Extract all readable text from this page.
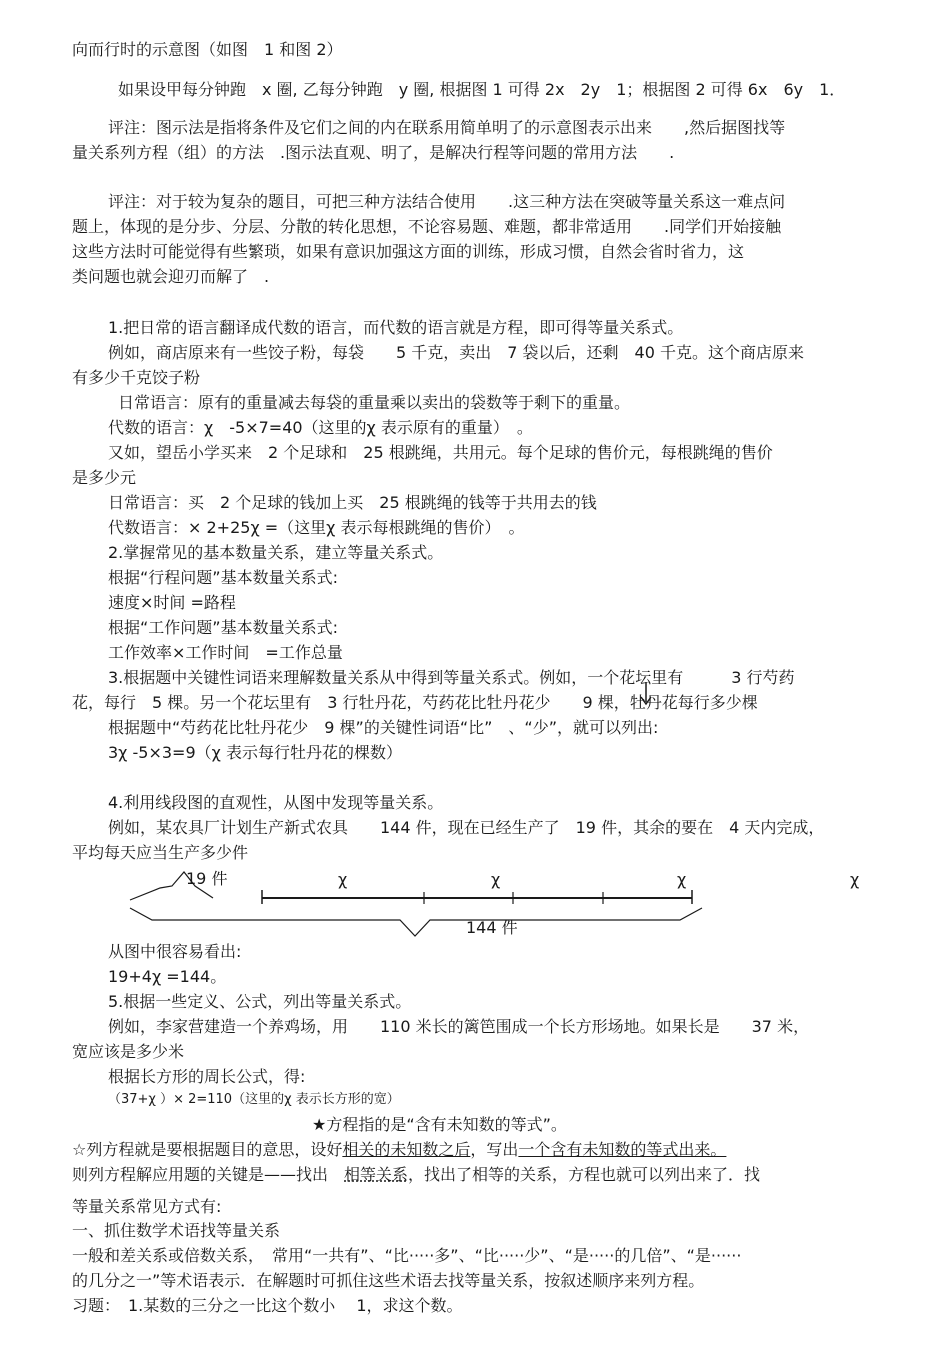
向而行时的示意图（如图　1 和图 2）
如果设甲每分钟跑　x 圈, 乙每分钟跑　y 圈, 根据图 1 可得 2x　2y　1；根据图 2 可得 6x　6y　1．
评注：图示法是指将条件及它们之间的内在联系用简单明了的示意图表示出来　　,然后据图找等
量关系列方程（组）的方法　.图示法直观、明了，是解决行程等问题的常用方法　　.
评注：对于较为复杂的题目，可把三种方法结合使用　　.这三种方法在突破等量关系这一难点问
题上，体现的是分步、分层、分散的转化思想，不论容易题、难题，都非常适用　　.同学们开始接触
这些方法时可能觉得有些繁琐，如果有意识加强这方面的训练，形成习惯，自然会省时省力，这
类问题也就会迎刃而解了　.
1.把日常的语言翻译成代数的语言，而代数的语言就是方程，即可得等量关系式。
例如，商店原来有一些饺子粉，每袋　　5 千克，卖出　7 袋以后，还剩　40 千克。这个商店原来
有多少千克饺子粉
日常语言：原有的重量减去每袋的重量乘以卖出的袋数等于剩下的重量。
代数的语言：χ　-5×7=40（这里的χ 表示原有的重量）　。
又如，望岳小学买来　2 个足球和　25 根跳绳，共用元。每个足球的售价元，每根跳绳的售价
是多少元
日常语言：买　2 个足球的钱加上买　25 根跳绳的钱等于共用去的钱
代数语言：× 2+25χ =（这里χ 表示每根跳绳的售价）　。
2.掌握常见的基本数量关系，建立等量关系式。
根据“行程问题”基本数量关系式:
速度×时间 =路程
根据“工作问题”基本数量关系式:
工作效率×工作时间　=工作总量
3.根据题中关键性词语来理解数量关系从中得到等量关系式。例如，一个花坛里有　　　3 行芍药
花，每行　5 棵。另一个花坛里有　3 行牡丹花，芍药花比牡丹花少　　9 棵，牡丹花每行多少棵
根据题中“芍药花比牡丹花少　9 棵”的关键性词语“比”　、“少”，就可以列出:
3χ -5×3=9（χ 表示每行牡丹花的棵数）
4.利用线段图的直观性，从图中发现等量关系。
例如，某农具厂计划生产新式农具　　144 件，现在已经生产了　19 件，其余的要在　4 天内完成，
平均每天应当生产多少件
19 件	χ	χ	χ	χ
144 件
从图中很容易看出:
19+4χ =144。
5.根据一些定义、公式，列出等量关系式。
例如，李家营建造一个养鸡场，用　　110 米长的篱笆围成一个长方形场地。如果长是　　37 米，
宽应该是多少米
根据长方形的周长公式，得:
（37+χ ）× 2=110（这里的χ 表示长方形的宽）
★方程指的是“含有未知数的等式”。
☆列方程就是要根据题目的意思，设好相关的未知数之后，写出一个含有未知数的等式出来。
则列方程解应用题的关键是——找出　相等关系，找出了相等的关系，方程也就可以列出来了．找
等量关系常见方式有:
一、抓住数学术语找等量关系
一般和差关系或倍数关系，　常用“一共有”、“比·····多”、“比·····少”、“是·····的几倍”、“是······
的几分之一”等术语表示．在解题时可抓住这些术语去找等量关系，按叙述顺序来列方程。
习题：　1.某数的三分之一比这个数小　 1，求这个数。
